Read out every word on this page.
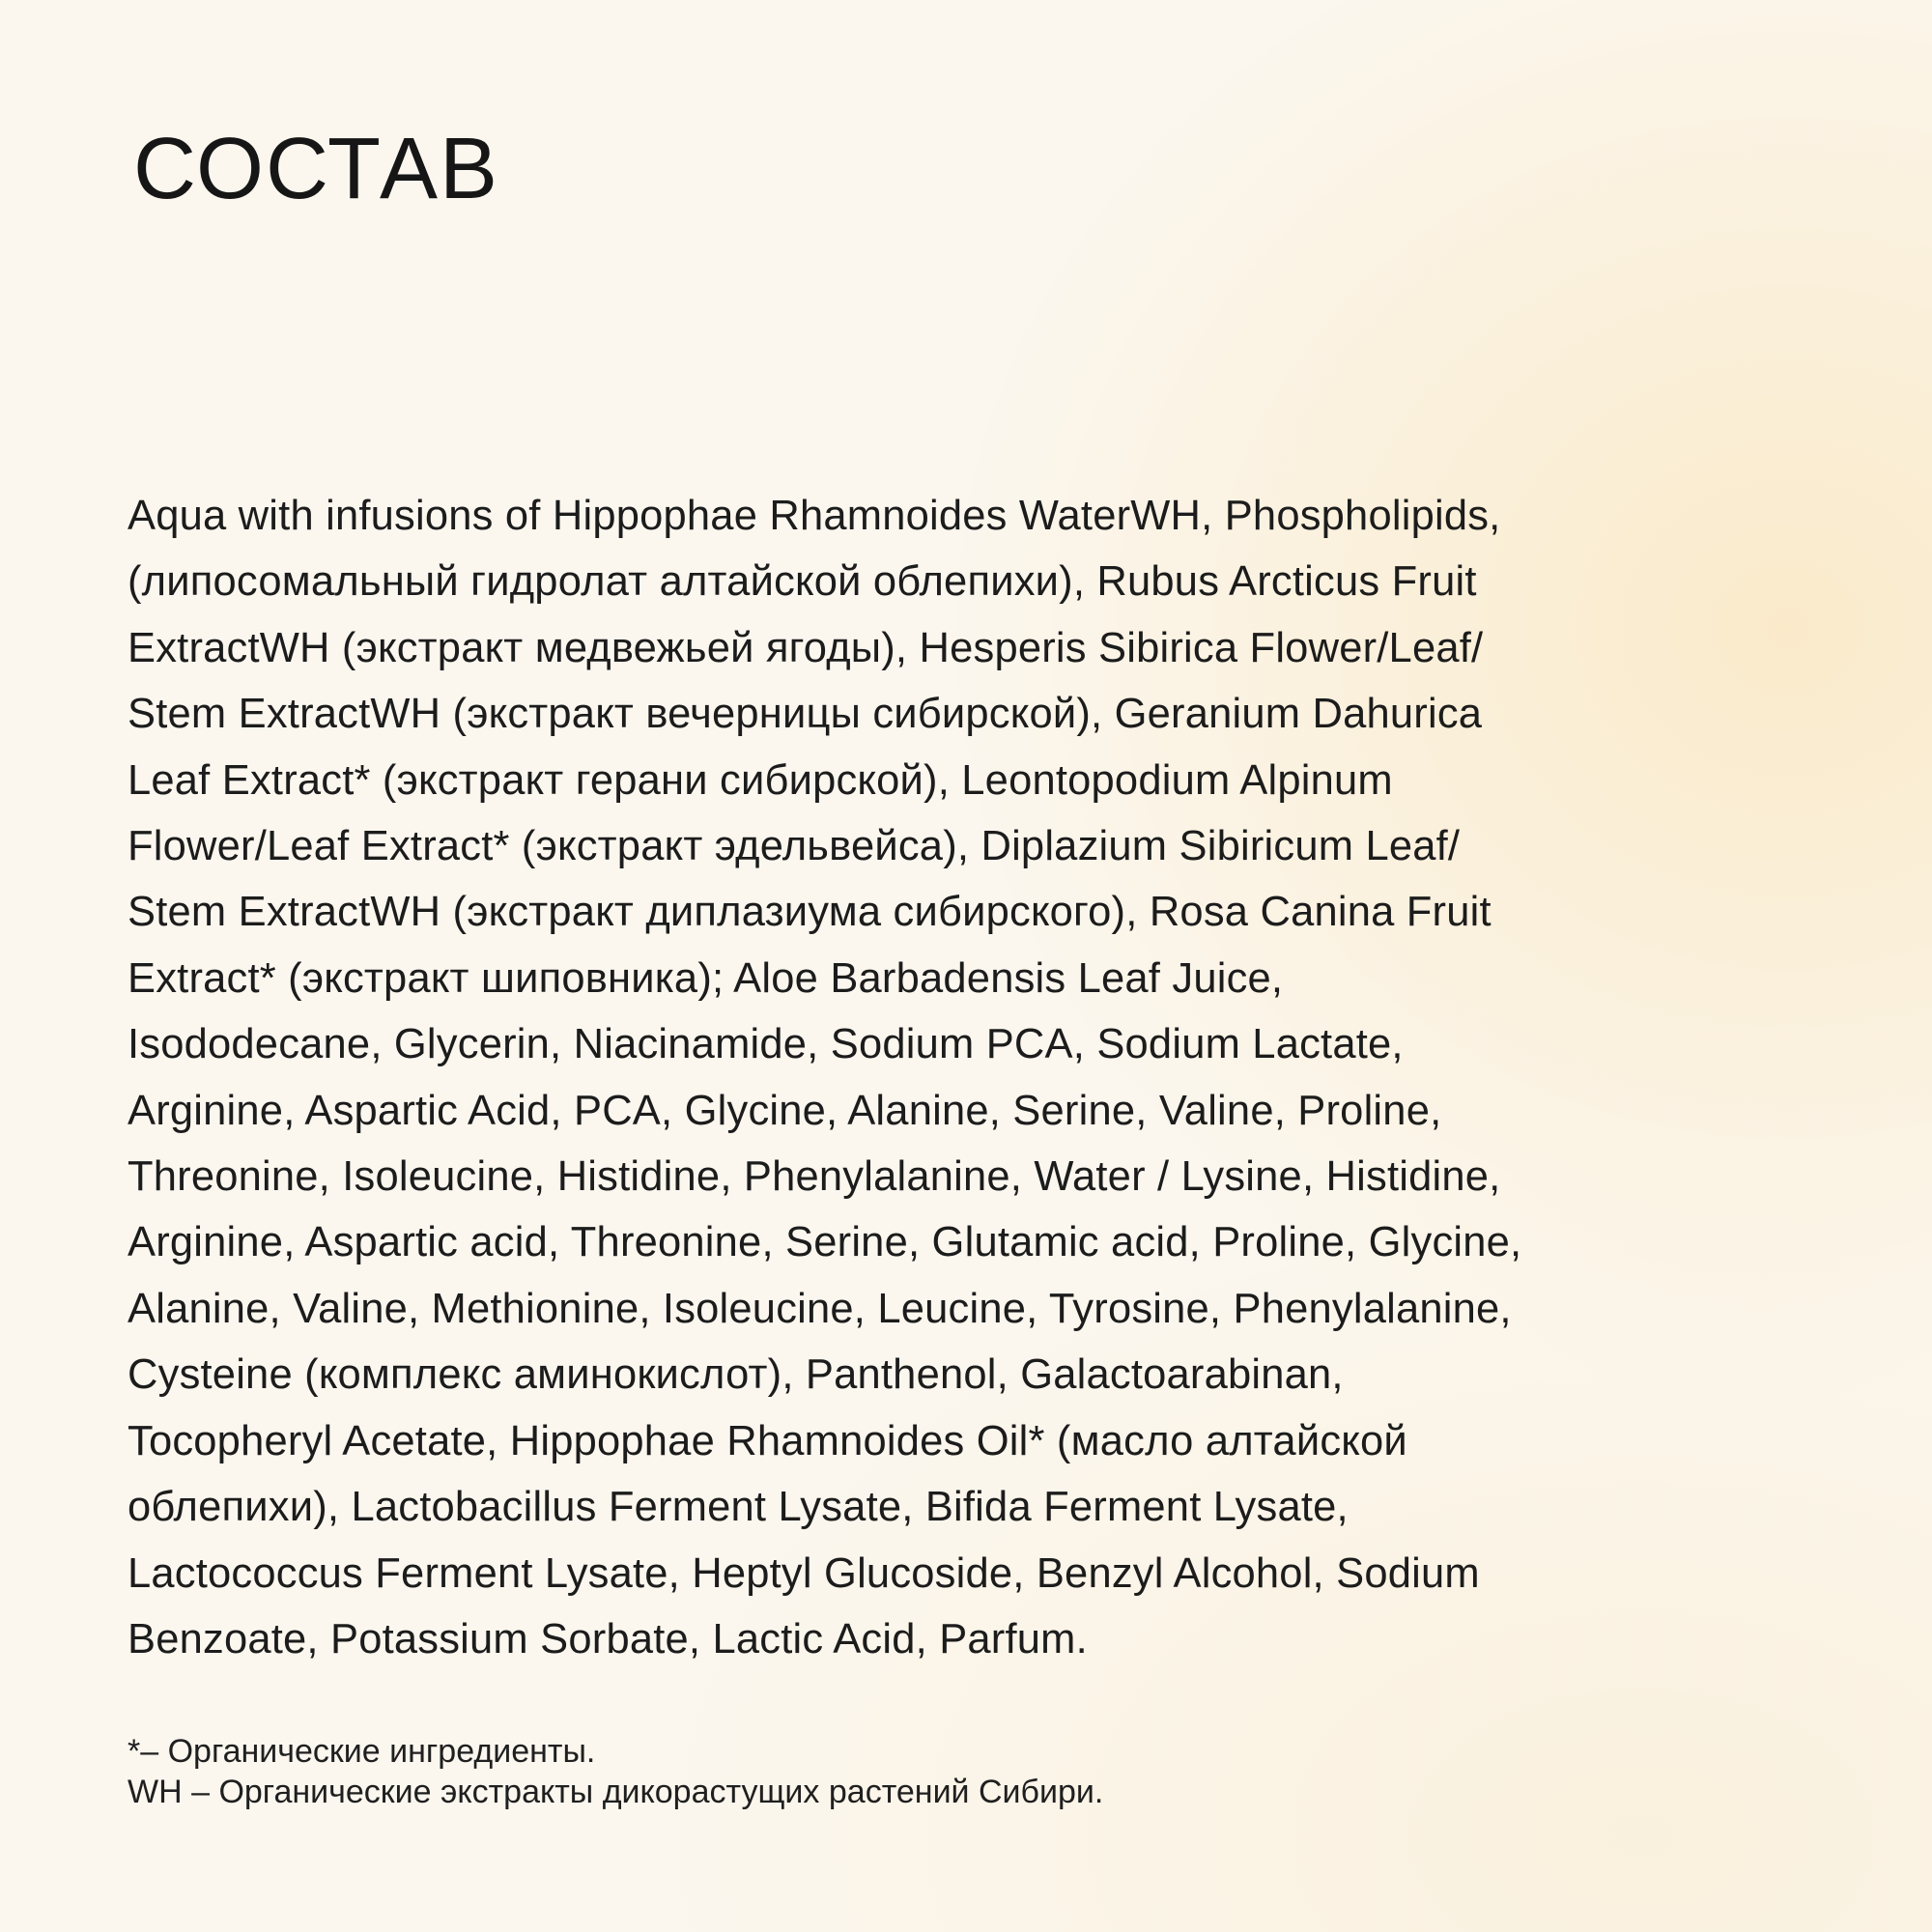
СОСТАВ

Aqua with infusions of Hippophae Rhamnoides WaterWH, Phospholipids,
(липосомальный гидролат алтайской облепихи), Rubus Arcticus Fruit
ExtractWH (экстракт медвежьей ягоды), Hesperis Sibirica Flower/Leaf/
Stem ExtractWH (экстракт вечерницы сибирской), Geranium Dahurica
Leaf Extract* (экстракт герани сибирской), Leontopodium Alpinum
Flower/Leaf Extract* (экстракт эдельвейса), Diplazium Sibiricum Leaf/
Stem ExtractWH (экстракт диплазиума сибирского), Rosa Canina Fruit
Extract* (экстракт шиповника); Aloe Barbadensis Leaf Juice,
Isododecane, Glycerin, Niacinamide, Sodium PCA, Sodium Lactate,
Arginine, Aspartic Acid, PCA, Glycine, Alanine, Serine, Valine, Proline,
Threonine, Isoleucine, Histidine, Phenylalanine, Water / Lysine, Histidine,
Arginine, Aspartic acid, Threonine, Serine, Glutamic acid, Proline, Glycine,
Alanine, Valine, Methionine, Isoleucine, Leucine, Tyrosine, Phenylalanine,
Cysteine (комплекс аминокислот), Panthenol, Galactoarabinan,
Tocopheryl Acetate, Hippophae Rhamnoides Oil* (масло алтайской
облепихи), Lactobacillus Ferment Lysate, Bifida Ferment Lysate,
Lactococcus Ferment Lysate, Heptyl Glucoside, Benzyl Alcohol, Sodium
Benzoate, Potassium Sorbate, Lactic Acid, Parfum.

*– Органические ингредиенты.
WH – Органические экстракты дикорастущих растений Сибири.
